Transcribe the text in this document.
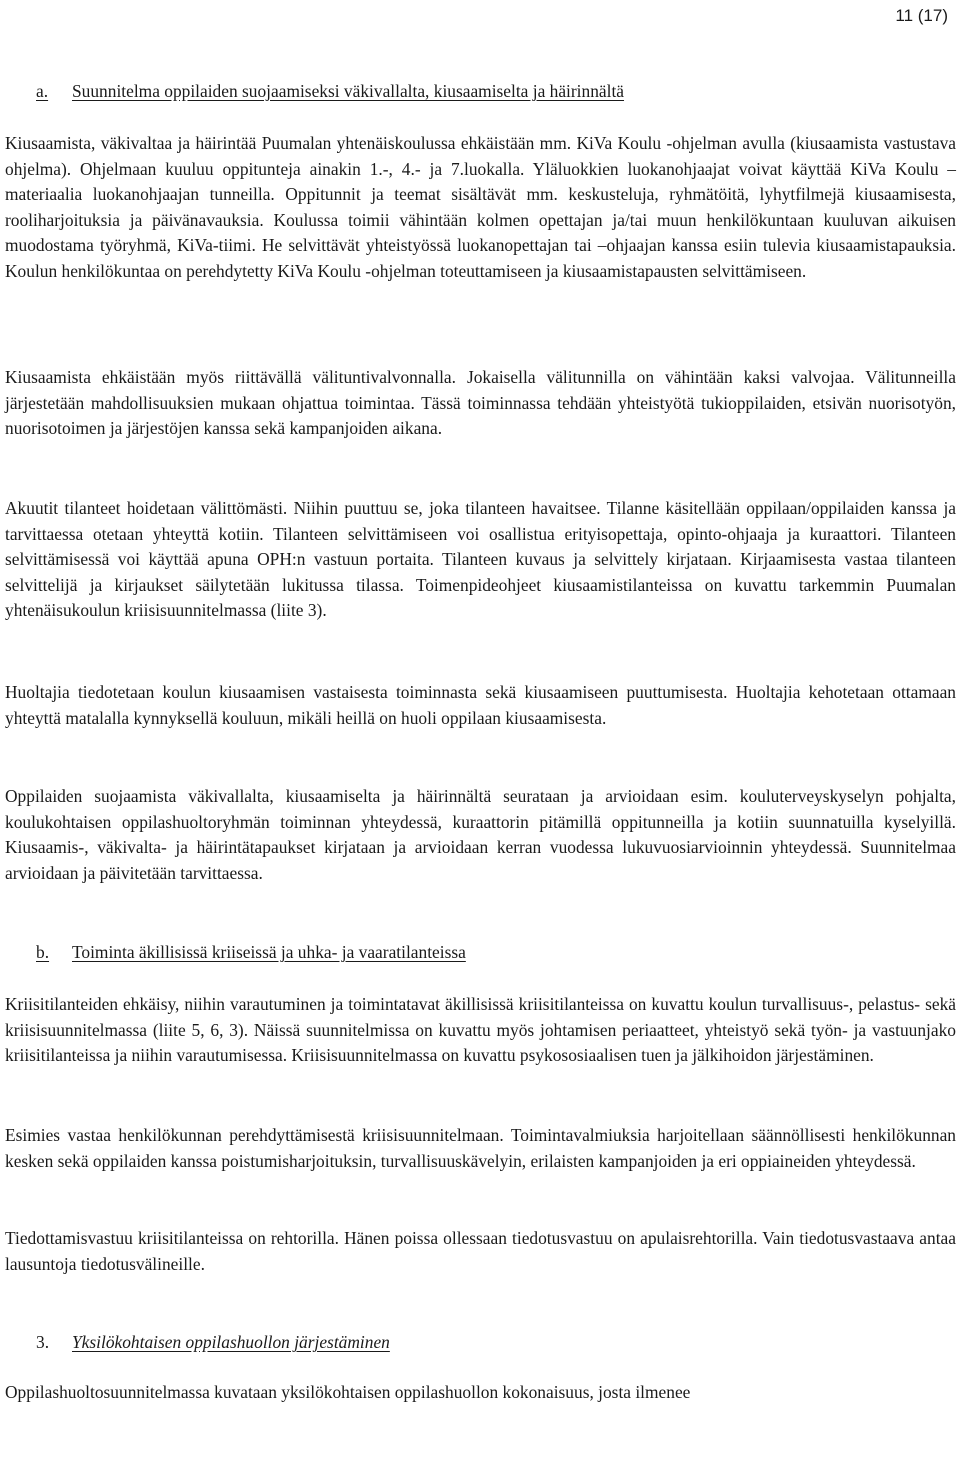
11 (17)
a. Suunnitelma oppilaiden suojaamiseksi väkivallalta, kiusaamiselta ja häirinnältä

Kiusaamista, väkivaltaa ja häirintää Puumalan yhtenäiskoulussa ehkäistään mm. KiVa Koulu -ohjelman avulla (kiusaamista vastustava ohjelma). Ohjelmaan kuuluu oppitunteja ainakin 1.-, 4.- ja 7.luokalla. Yläluokkien luokanohjaajat voivat käyttää KiVa Koulu –materiaalia luokanohjaajan tunneilla. Oppitunnit ja teemat sisältävät mm. keskusteluja, ryhmätöitä, lyhytfilmejä kiusaamisesta, rooliharjoituksia ja päivänavauksia. Koulussa toimii vähintään kolmen opettajan ja/tai muun henkilökuntaan kuuluvan aikuisen muodostama työryhmä, KiVa-tiimi. He selvittävät yhteistyössä luokanopettajan tai –ohjaajan kanssa esiin tulevia kiusaamistapauksia. Koulun henkilökuntaa on perehdytetty KiVa Koulu -ohjelman toteuttamiseen ja kiusaamistapausten selvittämiseen.

Kiusaamista ehkäistään myös riittävällä välituntivalvonnalla. Jokaisella välitunnilla on vähintään kaksi valvojaa. Välitunneilla järjestetään mahdollisuuksien mukaan ohjattua toimintaa. Tässä toiminnassa tehdään yhteistyötä tukioppilaiden, etsivän nuorisotyön, nuorisotoimen ja järjestöjen kanssa sekä kampanjoiden aikana.

Akuutit tilanteet hoidetaan välittömästi. Niihin puuttuu se, joka tilanteen havaitsee. Tilanne käsitellään oppilaan/oppilaiden kanssa ja tarvittaessa otetaan yhteyttä kotiin. Tilanteen selvittämiseen voi osallistua erityisopettaja, opinto-ohjaaja ja kuraattori. Tilanteen selvittämisessä voi käyttää apuna OPH:n vastuun portaita. Tilanteen kuvaus ja selvittely kirjataan. Kirjaamisesta vastaa tilanteen selvittelijä ja kirjaukset säilytetään lukitussa tilassa. Toimenpideohjeet kiusaamistilanteissa on kuvattu tarkemmin Puumalan yhtenäisukoulun kriisisuunnitelmassa (liite 3).

Huoltajia tiedotetaan koulun kiusaamisen vastaisesta toiminnasta sekä kiusaamiseen puuttumisesta. Huoltajia kehotetaan ottamaan yhteyttä matalalla kynnyksellä kouluun, mikäli heillä on huoli oppilaan kiusaamisesta.

Oppilaiden suojaamista väkivallalta, kiusaamiselta ja häirinnältä seurataan ja arvioidaan esim. kouluterveyskyselyn pohjalta, koulukohtaisen oppilashuoltoryhmän toiminnan yhteydessä, kuraattorin pitämillä oppitunneilla ja kotiin suunnatuilla kyselyillä. Kiusaamis-, väkivalta- ja häirintätapaukset kirjataan ja arvioidaan kerran vuodessa lukuvuosiarvioinnin yhteydessä. Suunnitelmaa arvioidaan ja päivitetään tarvittaessa.

b. Toiminta äkillisissä kriiseissä ja uhka- ja vaaratilanteissa

Kriisitilanteiden ehkäisy, niihin varautuminen ja toimintatavat äkillisissä kriisitilanteissa on kuvattu koulun turvallisuus-, pelastus- sekä kriisisuunnitelmassa (liite 5, 6, 3). Näissä suunnitelmissa on kuvattu myös johtamisen periaatteet, yhteistyö sekä työn- ja vastuunjako kriisitilanteissa ja niihin varautumisessa. Kriisisuunnitelmassa on kuvattu psykososiaalisen tuen ja jälkihoidon järjestäminen.

Esimies vastaa henkilökunnan perehdyttämisestä kriisisuunnitelmaan. Toimintavalmiuksia harjoitellaan säännöllisesti henkilökunnan kesken sekä oppilaiden kanssa poistumisharjoituksin, turvallisuuskävelyin, erilaisten kampanjoiden ja eri oppiaineiden yhteydessä.

Tiedottamisvastuu kriisitilanteissa on rehtorilla. Hänen poissa ollessaan tiedotusvastuu on apulaisrehtorilla. Vain tiedotusvastaava antaa lausuntoja tiedotusvälineille.

3. Yksilökohtaisen oppilashuollon järjestäminen

Oppilashuoltosuunnitelmassa kuvataan yksilökohtaisen oppilashuollon kokonaisuus, josta ilmenee
